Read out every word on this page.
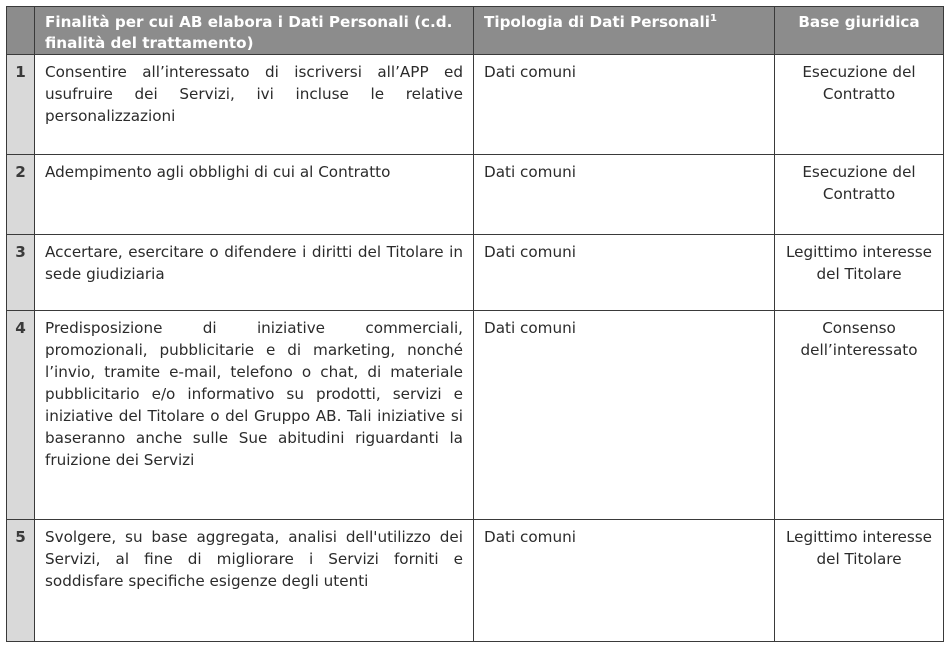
	Finalità per cui AB elabora i Dati Personali (c.d. finalità del trattamento)	Tipologia di Dati Personali$^1$	Base giuridica
1	Consentire all’interessato di iscriversi all’APP ed usufruire dei Servizi, ivi incluse le relative personalizzazioni	Dati comuni	Esecuzione del Contratto
2	Adempimento agli obblighi di cui al Contratto	Dati comuni	Esecuzione del Contratto
3	Accertare, esercitare o difendere i diritti del Titolare in sede giudiziaria	Dati comuni	Legittimo interesse del Titolare
4	Predisposizione di iniziative commerciali, promozionali, pubblicitarie e di marketing, nonché l’invio, tramite e-mail, telefono o chat, di materiale pubblicitario e/o informativo su prodotti, servizi e iniziative del Titolare o del Gruppo AB. Tali iniziative si baseranno anche sulle Sue abitudini riguardanti la fruizione dei Servizi	Dati comuni	Consenso dell’interessato
5	Svolgere, su base aggregata, analisi dell'utilizzo dei Servizi, al fine di migliorare i Servizi forniti e soddisfare specifiche esigenze degli utenti	Dati comuni	Legittimo interesse del Titolare
